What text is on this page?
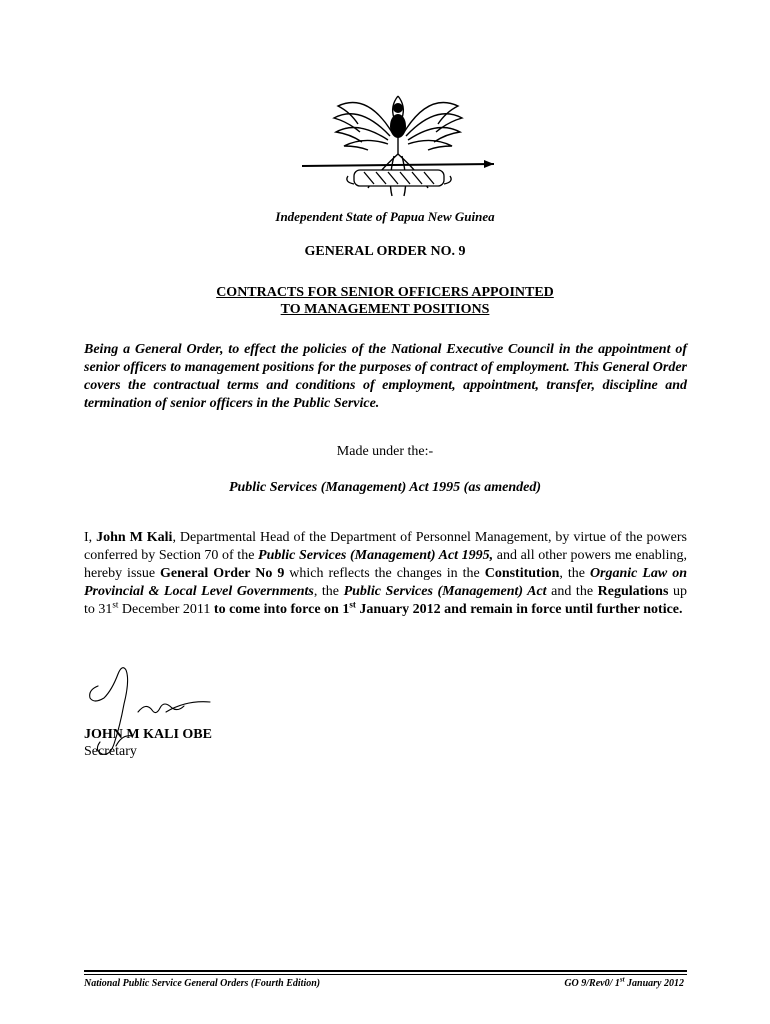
Independent State of Papua New Guinea
GENERAL ORDER NO. 9
CONTRACTS FOR SENIOR OFFICERS APPOINTED
TO MANAGEMENT POSITIONS
Being a General Order, to effect the policies of the National Executive Council in the appointment of senior officers to management positions for the purposes of contract of employment. This General Order covers the contractual terms and conditions of employment, appointment, transfer, discipline and termination of senior officers in the Public Service.
Made under the:-
Public Services (Management) Act 1995 (as amended)
I, John M Kali, Departmental Head of the Department of Personnel Management, by virtue of the powers conferred by Section 70 of the Public Services (Management) Act 1995, and all other powers me enabling, hereby issue General Order No 9 which reflects the changes in the Constitution, the Organic Law on Provincial & Local Level Governments, the Public Services (Management) Act and the Regulations up to 31st December 2011 to come into force on 1st January 2012 and remain in force until further notice.
JOHN M KALI OBE
Secretary
National Public Service General Orders (Fourth Edition)	GO 9/Rev0/ 1st January 2012
